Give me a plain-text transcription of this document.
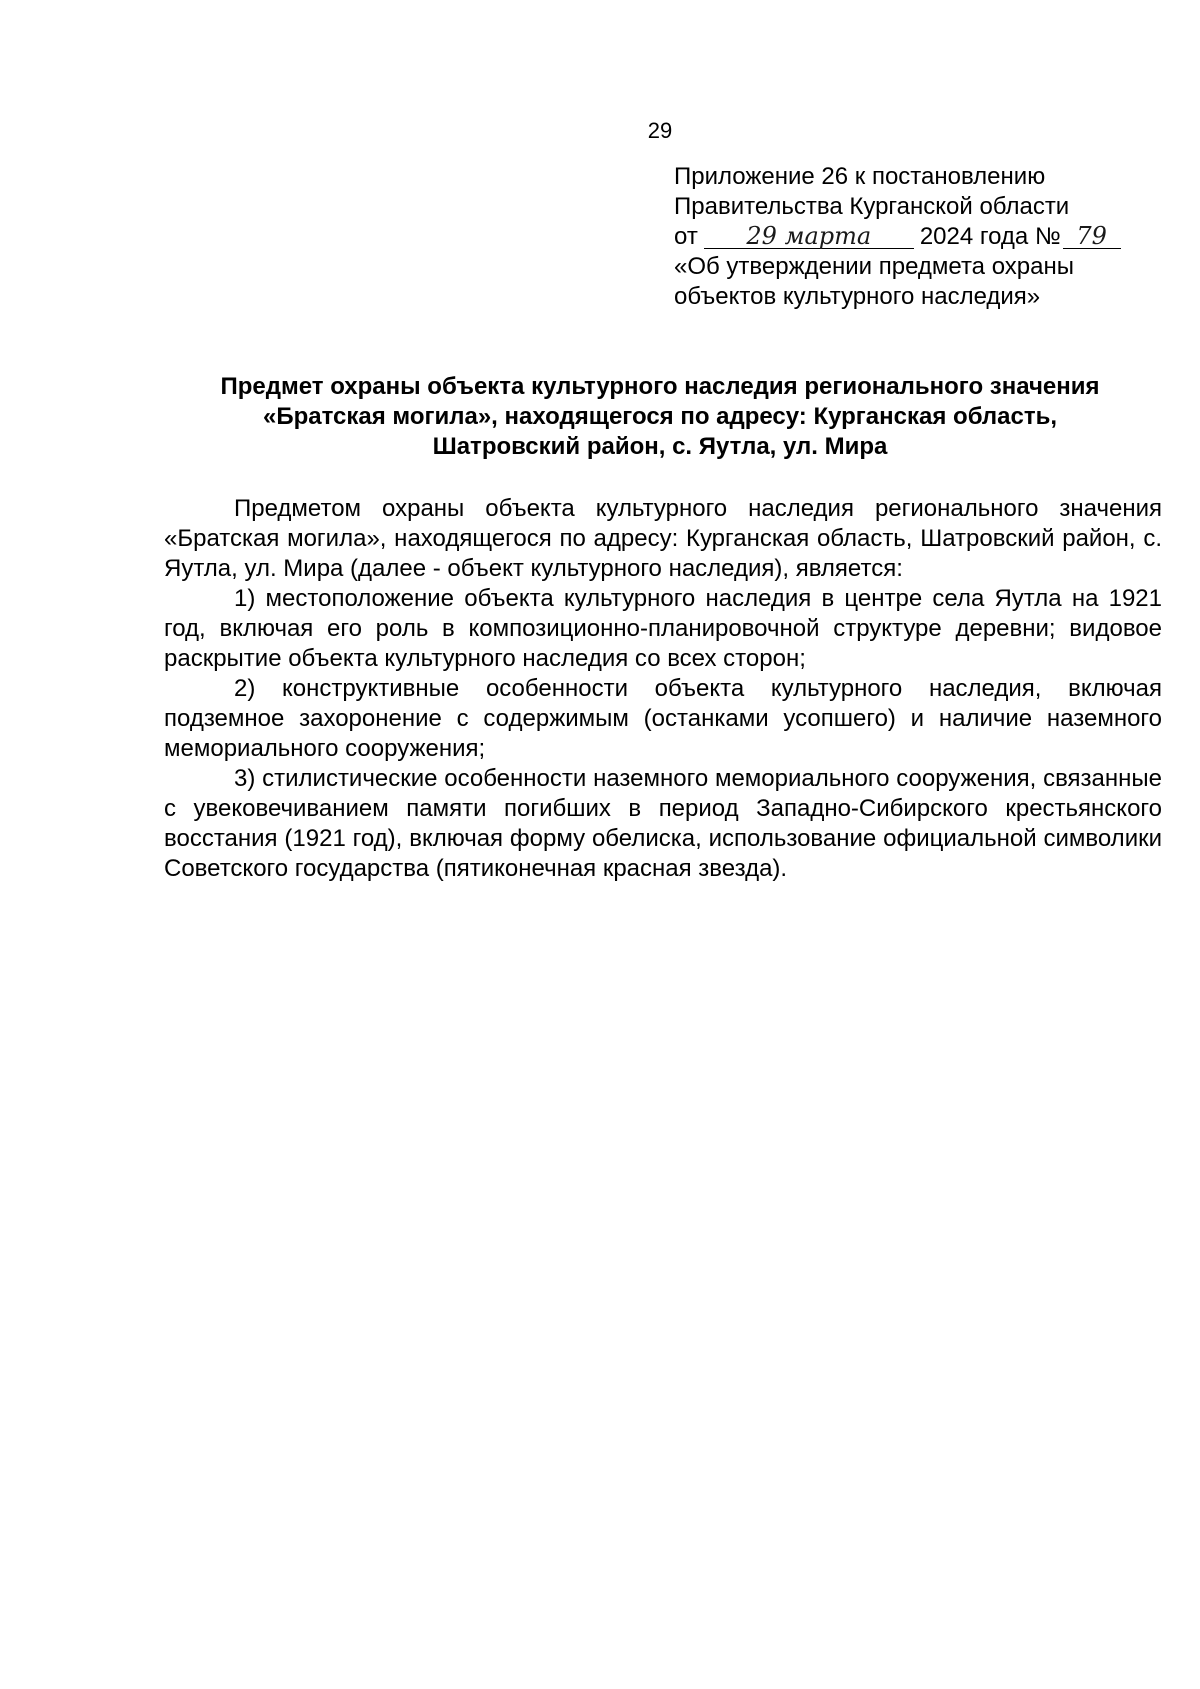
29
Приложение 26 к постановлению
Правительства Курганской области
от 29 марта 2024 года № 79
«Об утверждении предмета охраны
объектов культурного наследия»
Предмет охраны объекта культурного наследия регионального значения
«Братская могила», находящегося по адресу: Курганская область,
Шатровский район, с. Яутла, ул. Мира

Предметом охраны объекта культурного наследия регионального значения «Братская могила», находящегося по адресу: Курганская область, Шатровский район, с. Яутла, ул. Мира (далее - объект культурного наследия), является:

1) местоположение объекта культурного наследия в центре села Яутла на 1921 год, включая его роль в композиционно-планировочной структуре деревни; видовое раскрытие объекта культурного наследия со всех сторон;

2) конструктивные особенности объекта культурного наследия, включая подземное захоронение с содержимым (останками усопшего) и наличие наземного мемориального сооружения;

3) стилистические особенности наземного мемориального сооружения, связанные с увековечиванием памяти погибших в период Западно-Сибирского крестьянского восстания (1921 год), включая форму обелиска, использование официальной символики Советского государства (пятиконечная красная звезда).
